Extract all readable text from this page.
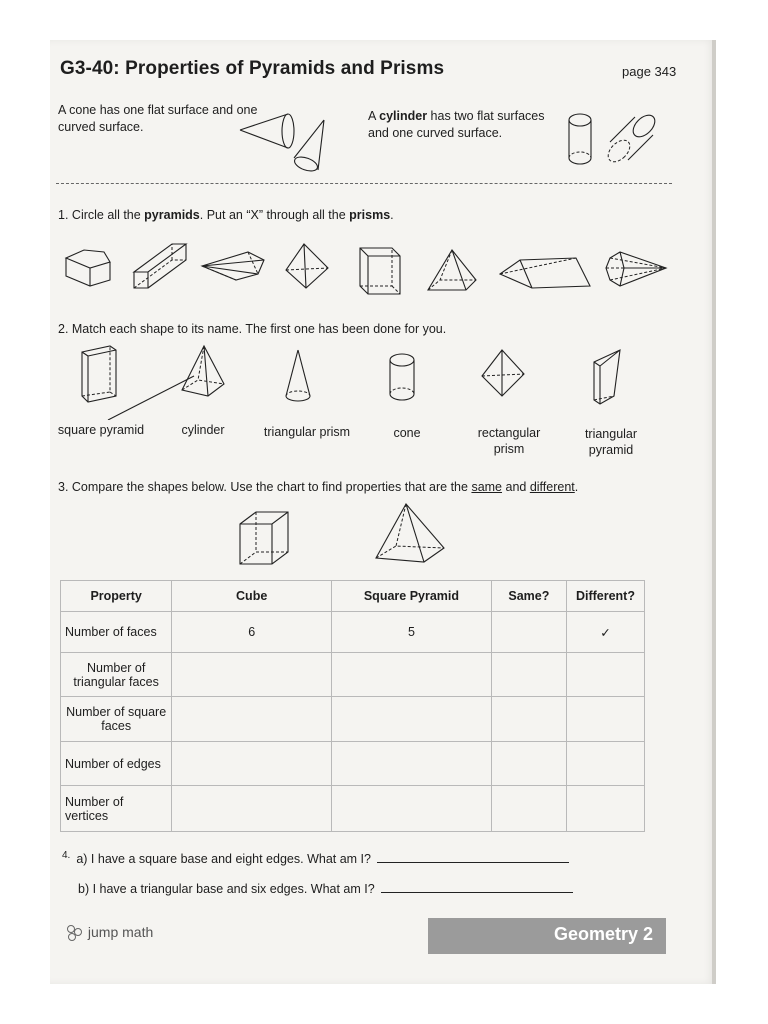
G3-40: Properties of Pyramids and Prisms	page 343
A cone has one flat surface and one curved surface.
A cylinder has two flat surfaces and one curved surface.
1. Circle all the pyramids. Put an “X” through all the prisms.
2. Match each shape to its name. The first one has been done for you.
square pyramid	cylinder	triangular prism	cone	rectangular prism
triangular pyramid
3. Compare the shapes below. Use the chart to find properties that are the same and different.
Property	Cube	Square Pyramid	Same?	Different?
Number of faces	6	5		✓
Number of triangular faces				
Number of square faces				
Number of edges				
Number of vertices				
$^{4.}$ a) I have a square base and eight edges. What am I?
b) I have a triangular base and six edges. What am I?
jump math	Geometry 2
